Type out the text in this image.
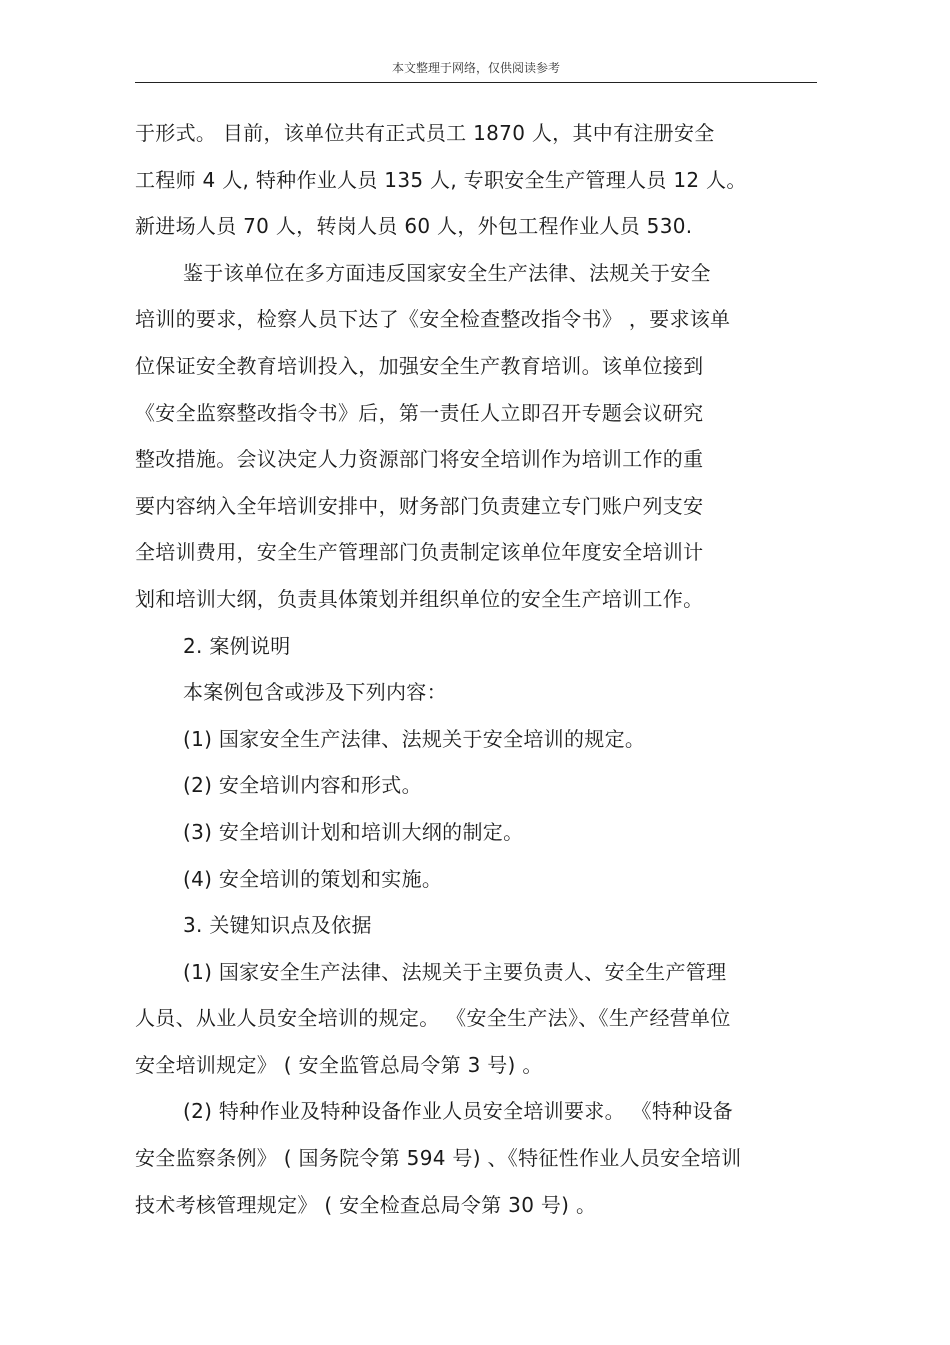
本文整理于网络，仅供阅读参考
于形式。 目前，该单位共有正式员工 1870 人，其中有注册安全
工程师 4 人, 特种作业人员 135 人, 专职安全生产管理人员 12 人。
新进场人员 70 人，转岗人员 60 人，外包工程作业人员 530.
鉴于该单位在多方面违反国家安全生产法律、法规关于安全
培训的要求，检察人员下达了《安全检查整改指令书》 ，要求该单
位保证安全教育培训投入，加强安全生产教育培训。该单位接到
《安全监察整改指令书》后，第一责任人立即召开专题会议研究
整改措施。会议决定人力资源部门将安全培训作为培训工作的重
要内容纳入全年培训安排中，财务部门负责建立专门账户列支安
全培训费用，安全生产管理部门负责制定该单位年度安全培训计
划和培训大纲，负责具体策划并组织单位的安全生产培训工作。
2. 案例说明
本案例包含或涉及下列内容：
(1) 国家安全生产法律、法规关于安全培训的规定。
(2) 安全培训内容和形式。
(3) 安全培训计划和培训大纲的制定。
(4) 安全培训的策划和实施。
3. 关键知识点及依据
(1) 国家安全生产法律、法规关于主要负责人、安全生产管理
人员、从业人员安全培训的规定。 《安全生产法》、《生产经营单位
安全培训规定》 ( 安全监管总局令第 3 号) 。
(2) 特种作业及特种设备作业人员安全培训要求。 《特种设备
安全监察条例》 ( 国务院令第 594 号) 、《特征性作业人员安全培训
技术考核管理规定》 ( 安全检查总局令第 30 号) 。
